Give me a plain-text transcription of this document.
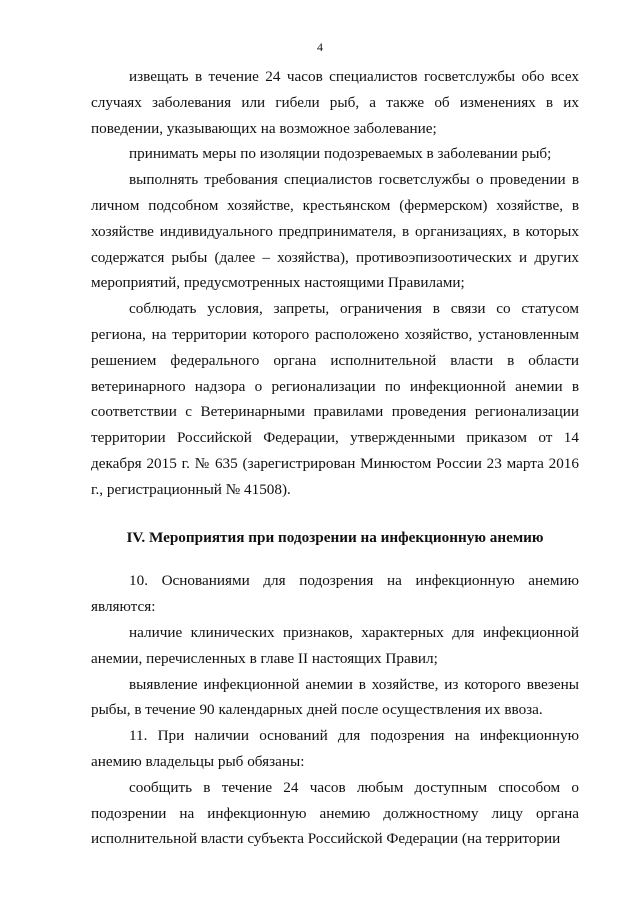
4

извещать в течение 24 часов специалистов госветслужбы обо всех случаях заболевания или гибели рыб, а также об изменениях в их поведении, указывающих на возможное заболевание;

принимать меры по изоляции подозреваемых в заболевании рыб;

выполнять требования специалистов госветслужбы о проведении в личном подсобном хозяйстве, крестьянском (фермерском) хозяйстве, в хозяйстве индивидуального предпринимателя, в организациях, в которых содержатся рыбы (далее – хозяйства), противоэпизоотических и других мероприятий, предусмотренных настоящими Правилами;

соблюдать условия, запреты, ограничения в связи со статусом региона, на территории которого расположено хозяйство, установленным решением федерального органа исполнительной власти в области ветеринарного надзора о регионализации по инфекционной анемии в соответствии с Ветеринарными правилами проведения регионализации территории Российской Федерации, утвержденными приказом от 14 декабря 2015 г. № 635 (зарегистрирован Минюстом России 23 марта 2016 г., регистрационный № 41508).

IV. Мероприятия при подозрении на инфекционную анемию

10. Основаниями для подозрения на инфекционную анемию являются:

наличие клинических признаков, характерных для инфекционной анемии, перечисленных в главе II настоящих Правил;

выявление инфекционной анемии в хозяйстве, из которого ввезены рыбы, в течение 90 календарных дней после осуществления их ввоза.

11. При наличии оснований для подозрения на инфекционную анемию владельцы рыб обязаны:

сообщить в течение 24 часов любым доступным способом о подозрении на инфекционную анемию должностному лицу органа исполнительной власти субъекта Российской Федерации (на территории
